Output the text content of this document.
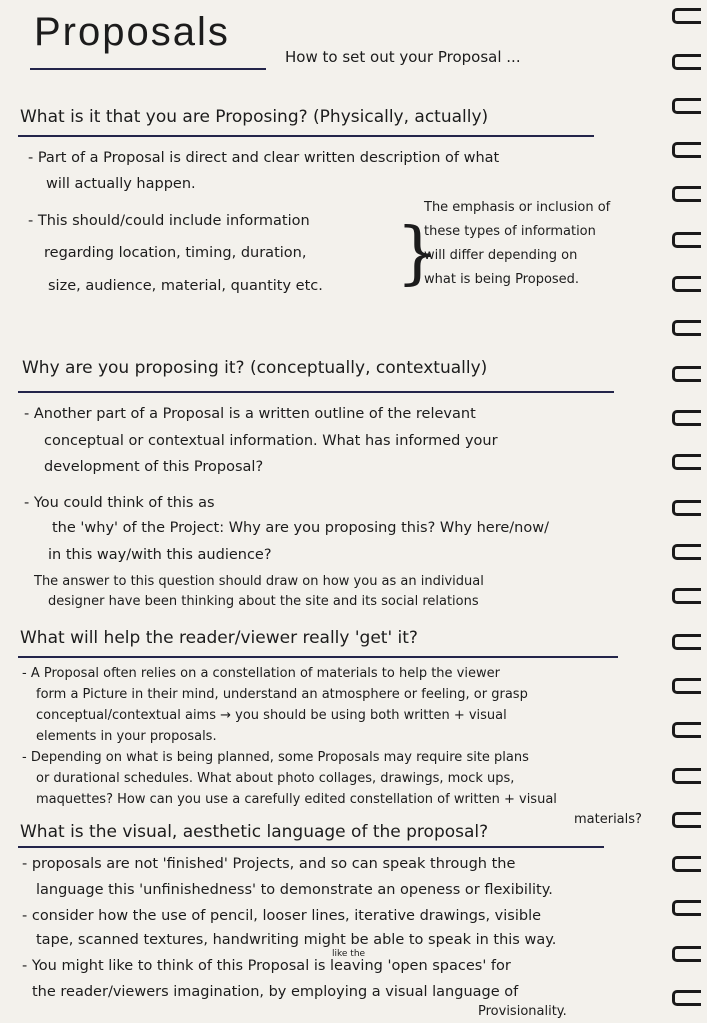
Proposals
How to set out your Proposal ...
What is it that you are Proposing? (Physically, actually)
- Part of a Proposal is direct and clear written description of what
will actually happen.
- This should/could include information
regarding location, timing, duration,
size, audience, material, quantity etc. }
The emphasis or inclusion of
these types of information
will differ depending on
what is being Proposed.
Why are you proposing it? (conceptually, contextually)
- Another part of a Proposal is a written outline of the relevant
conceptual or contextual information. What has informed your
development of this Proposal?
- You could think of this as
the 'why' of the Project: Why are you proposing this? Why here/now/
in this way/with this audience?
The answer to this question should draw on how you as an individual
designer have been thinking about the site and its social relations
What will help the reader/viewer really 'get' it?
- A Proposal often relies on a constellation of materials to help the viewer
form a Picture in their mind, understand an atmosphere or feeling, or grasp
conceptual/contextual aims → you should be using both written + visual
elements in your proposals.
- Depending on what is being planned, some Proposals may require site plans
or durational schedules. What about photo collages, drawings, mock ups,
maquettes? How can you use a carefully edited constellation of written + visual
materials?
What is the visual, aesthetic language of the proposal?
- proposals are not 'finished' Projects, and so can speak through the
language this 'unfinishedness' to demonstrate an openess or flexibility.
- consider how the use of pencil, looser lines, iterative drawings, visible
tape, scanned textures, handwriting might be able to speak in this way.
like the
- You might like to think of this Proposal is leaving 'open spaces' for
the reader/viewers imagination, by employing a visual language of
Provisionality.
